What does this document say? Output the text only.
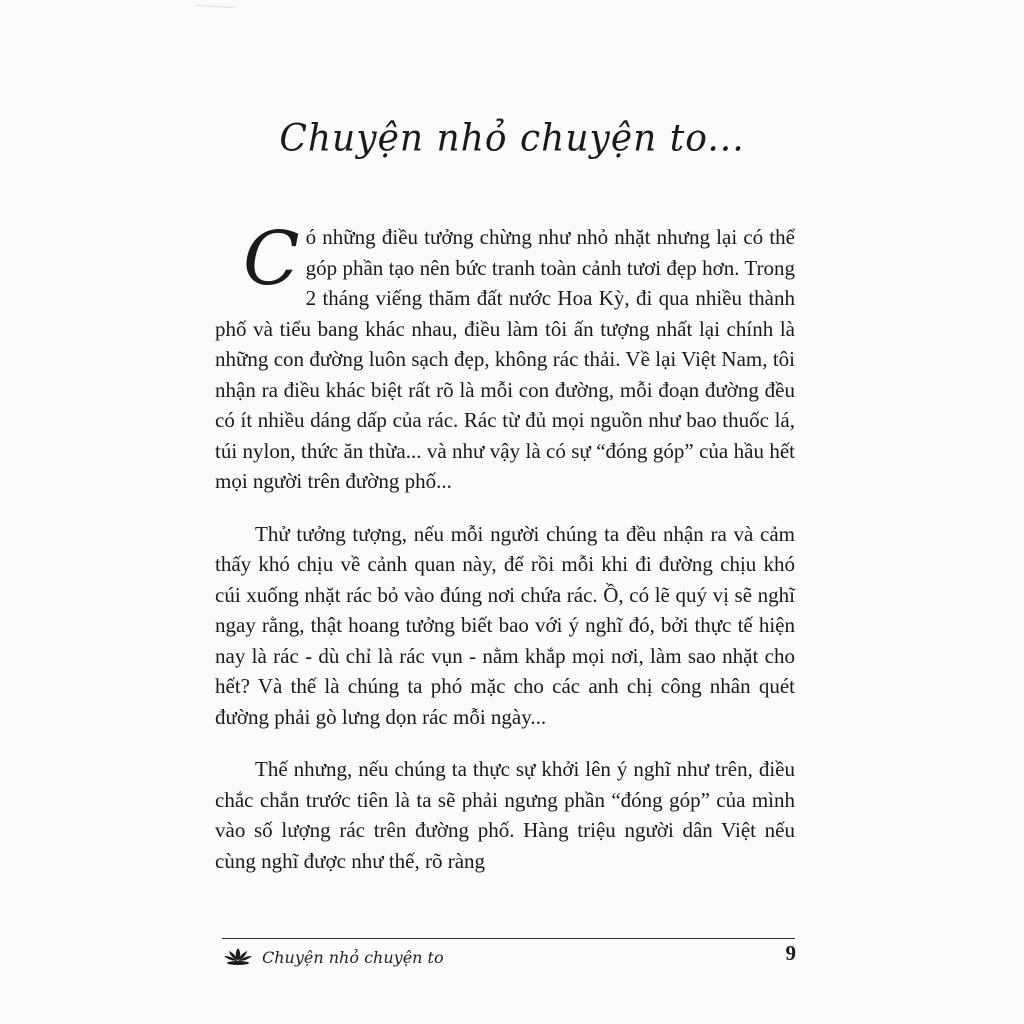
Chuyện nhỏ chuyện to...

Có những điều tưởng chừng như nhỏ nhặt nhưng lại có thể góp phần tạo nên bức tranh toàn cảnh tươi đẹp hơn. Trong 2 tháng viếng thăm đất nước Hoa Kỳ, đi qua nhiều thành phố và tiểu bang khác nhau, điều làm tôi ấn tượng nhất lại chính là những con đường luôn sạch đẹp, không rác thải. Về lại Việt Nam, tôi nhận ra điều khác biệt rất rõ là mỗi con đường, mỗi đoạn đường đều có ít nhiều dáng dấp của rác. Rác từ đủ mọi nguồn như bao thuốc lá, túi nylon, thức ăn thừa... và như vậy là có sự “đóng góp” của hầu hết mọi người trên đường phố...

Thử tưởng tượng, nếu mỗi người chúng ta đều nhận ra và cảm thấy khó chịu về cảnh quan này, để rồi mỗi khi đi đường chịu khó cúi xuống nhặt rác bỏ vào đúng nơi chứa rác. Ồ, có lẽ quý vị sẽ nghĩ ngay rằng, thật hoang tưởng biết bao với ý nghĩ đó, bởi thực tế hiện nay là rác - dù chỉ là rác vụn - nằm khắp mọi nơi, làm sao nhặt cho hết? Và thế là chúng ta phó mặc cho các anh chị công nhân quét đường phải gò lưng dọn rác mỗi ngày...

Thế nhưng, nếu chúng ta thực sự khởi lên ý nghĩ như trên, điều chắc chắn trước tiên là ta sẽ phải ngưng phần “đóng góp” của mình vào số lượng rác trên đường phố. Hàng triệu người dân Việt nếu cùng nghĩ được như thế, rõ ràng

Chuyện nhỏ chuyện to	9
